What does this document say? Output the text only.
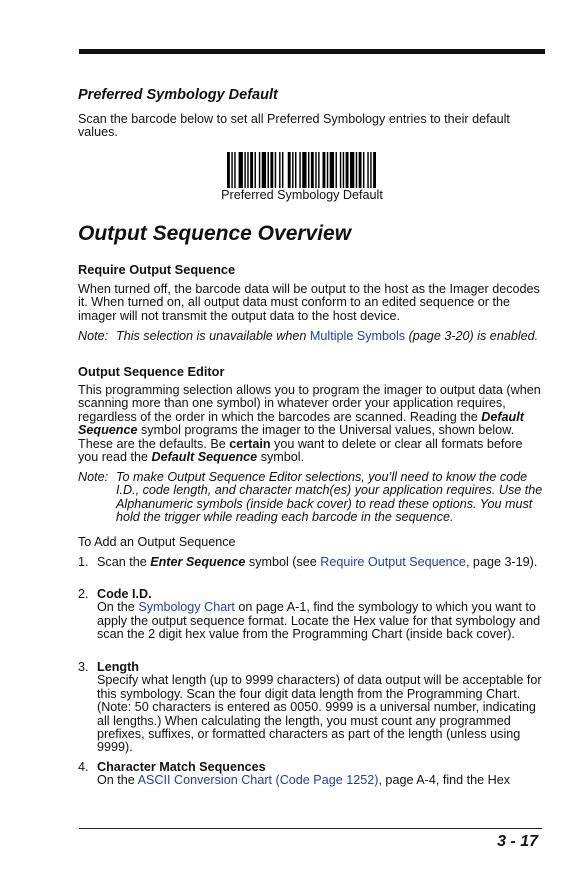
Preferred Symbology Default
Scan the barcode below to set all Preferred Symbology entries to their default values.
Preferred Symbology Default
Output Sequence Overview
Require Output Sequence
When turned off, the barcode data will be output to the host as the Imager decodes it. When turned on, all output data must conform to an edited sequence or the imager will not transmit the output data to the host device.
Note: This selection is unavailable when Multiple Symbols (page 3-20) is enabled.
Output Sequence Editor
This programming selection allows you to program the imager to output data (when scanning more than one symbol) in whatever order your application requires, regardless of the order in which the barcodes are scanned. Reading the Default Sequence symbol programs the imager to the Universal values, shown below. These are the defaults. Be certain you want to delete or clear all formats before you read the Default Sequence symbol.
Note: To make Output Sequence Editor selections, you’ll need to know the code I.D., code length, and character match(es) your application requires. Use the Alphanumeric symbols (inside back cover) to read these options. You must hold the trigger while reading each barcode in the sequence.
To Add an Output Sequence
1. Scan the Enter Sequence symbol (see Require Output Sequence, page 3-19).
2. Code I.D.
On the Symbology Chart on page A-1, find the symbology to which you want to apply the output sequence format. Locate the Hex value for that symbology and scan the 2 digit hex value from the Programming Chart (inside back cover).
3. Length
Specify what length (up to 9999 characters) of data output will be acceptable for this symbology. Scan the four digit data length from the Programming Chart. (Note: 50 characters is entered as 0050. 9999 is a universal number, indicating all lengths.) When calculating the length, you must count any programmed prefixes, suffixes, or formatted characters as part of the length (unless using 9999).
4. Character Match Sequences
On the ASCII Conversion Chart (Code Page 1252), page A-4, find the Hex
3 - 17
